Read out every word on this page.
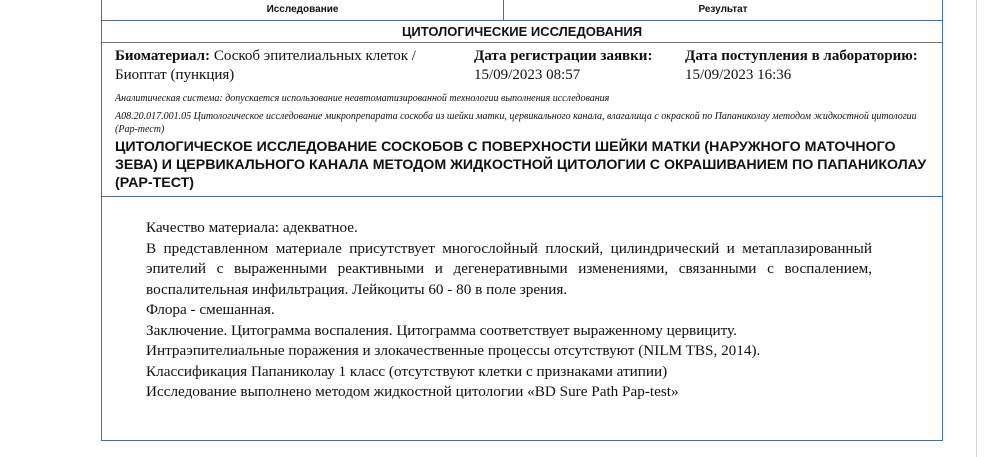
Исследование	Результат
ЦИТОЛОГИЧЕСКИЕ ИССЛЕДОВАНИЯ
Биоматериал: Соскоб эпителиальных клеток / Биоптат (пункция)
Дата регистрации заявки:
15/09/2023 08:57
Дата поступления в лабораторию:
15/09/2023 16:36
Аналитическая система: допускается использование неавтоматизированной технологии выполнения исследования
A08.20.017.001.05 Цитологическое исследование микропрепарата соскоба из шейки матки, цервикального канала, влагалища с окраской по Папаниколау методом жидкостной цитологии (Pap-тест)
ЦИТОЛОГИЧЕСКОЕ ИССЛЕДОВАНИЕ СОСКОБОВ С ПОВЕРХНОСТИ ШЕЙКИ МАТКИ (НАРУЖНОГО МАТОЧНОГО ЗЕВА) И ЦЕРВИКАЛЬНОГО КАНАЛА МЕТОДОМ ЖИДКОСТНОЙ ЦИТОЛОГИИ С ОКРАШИВАНИЕМ ПО ПАПАНИКОЛАУ (PAP-ТЕСТ)

Качество материала: адекватное.

В представленном материале присутствует многослойный плоский, цилиндрический и метаплазированный эпителий с выраженными реактивными и дегенеративными изменениями, связанными с воспалением, воспалительная инфильтрация. Лейкоциты 60 - 80 в поле зрения.

Флора - смешанная.

Заключение. Цитограмма воспаления. Цитограмма соответствует выраженному цервициту.

Интраэпителиальные поражения и злокачественные процессы отсутствуют (NILM TBS, 2014).

Классификация Папаниколау 1 класс (отсутствуют клетки с признаками атипии)

Исследование выполнено методом жидкостной цитологии «BD Sure Path Pap-test»
